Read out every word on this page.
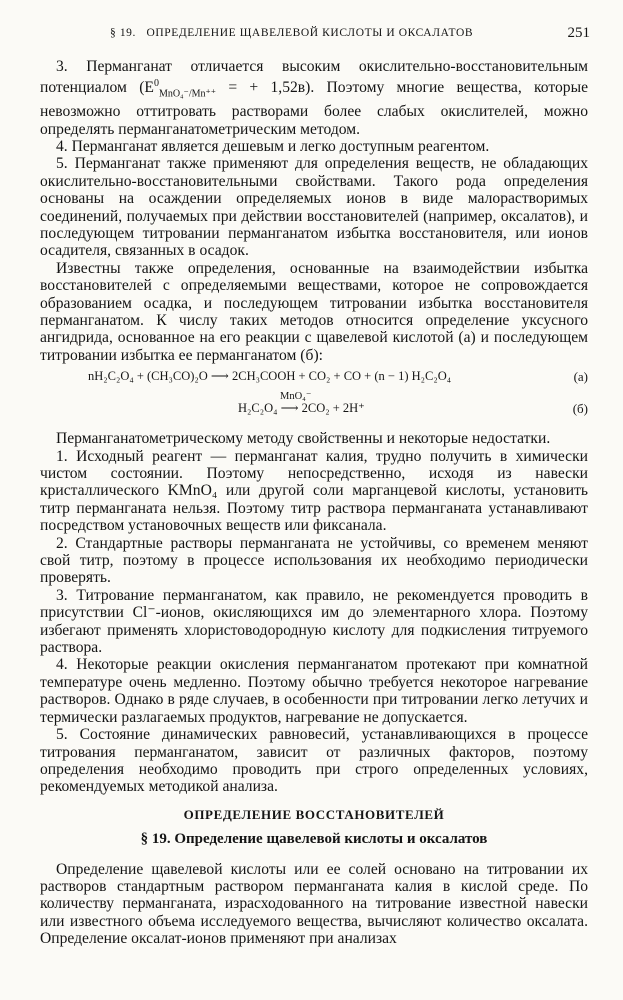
§ 19. ОПРЕДЕЛЕНИЕ ЩАВЕЛЕВОЙ КИСЛОТЫ И ОКСАЛАТОВ	251

3. Перманганат отличается высоким окислительно-восстановительным потенциалом ($E^0_{MnO_4^-/Mn^{++}}$ = + 1,52в). Поэтому многие вещества, которые невозможно оттитровать растворами более слабых окислителей, можно определять перманганатометрическим методом.

4. Перманганат является дешевым и легко доступным реагентом.

5. Перманганат также применяют для определения веществ, не обладающих окислительно-восстановительными свойствами. Такого рода определения основаны на осаждении определяемых ионов в виде малорастворимых соединений, получаемых при действии восстановителей (например, оксалатов), и последующем титровании перманганатом избытка восстановителя, или ионов осадителя, связанных в осадок.

Известны также определения, основанные на взаимодействии избытка восстановителей с определяемыми веществами, которое не сопровождается образованием осадка, и последующем титровании избытка восстановителя перманганатом. К числу таких методов относится определение уксусного ангидрида, основанное на его реакции с щавелевой кислотой (а) и последующем титровании избытка ее перманганатом (б):

nH₂C₂O₄ + (CH₃CO)₂O ⟶ 2CH₃COOH + CO₂ + CO + (n − 1) H₂C₂O₄	(а)
MnO₄⁻
H₂C₂O₄ ⟶ 2CO₂ + 2H⁺	(б)

Перманганатометрическому методу свойственны и некоторые недостатки.

1. Исходный реагент — перманганат калия, трудно получить в химически чистом состоянии. Поэтому непосредственно, исходя из навески кристаллического KMnO₄ или другой соли марганцевой кислоты, установить титр перманганата нельзя. Поэтому титр раствора перманганата устанавливают посредством установочных веществ или фиксанала.

2. Стандартные растворы перманганата не устойчивы, со временем меняют свой титр, поэтому в процессе использования их необходимо периодически проверять.

3. Титрование перманганатом, как правило, не рекомендуется проводить в присутствии Cl⁻-ионов, окисляющихся им до элементарного хлора. Поэтому избегают применять хлористоводородную кислоту для подкисления титруемого раствора.

4. Некоторые реакции окисления перманганатом протекают при комнатной температуре очень медленно. Поэтому обычно требуется некоторое нагревание растворов. Однако в ряде случаев, в особенности при титровании легко летучих и термически разлагаемых продуктов, нагревание не допускается.

5. Состояние динамических равновесий, устанавливающихся в процессе титрования перманганатом, зависит от различных факторов, поэтому определения необходимо проводить при строго определенных условиях, рекомендуемых методикой анализа.

ОПРЕДЕЛЕНИЕ ВОССТАНОВИТЕЛЕЙ
§ 19. Определение щавелевой кислоты и оксалатов

Определение щавелевой кислоты или ее солей основано на титровании их растворов стандартным раствором перманганата калия в кислой среде. По количеству перманганата, израсходованного на титрование известной навески или известного объема исследуемого вещества, вычисляют количество оксалата. Определение оксалат-ионов применяют при анализах
